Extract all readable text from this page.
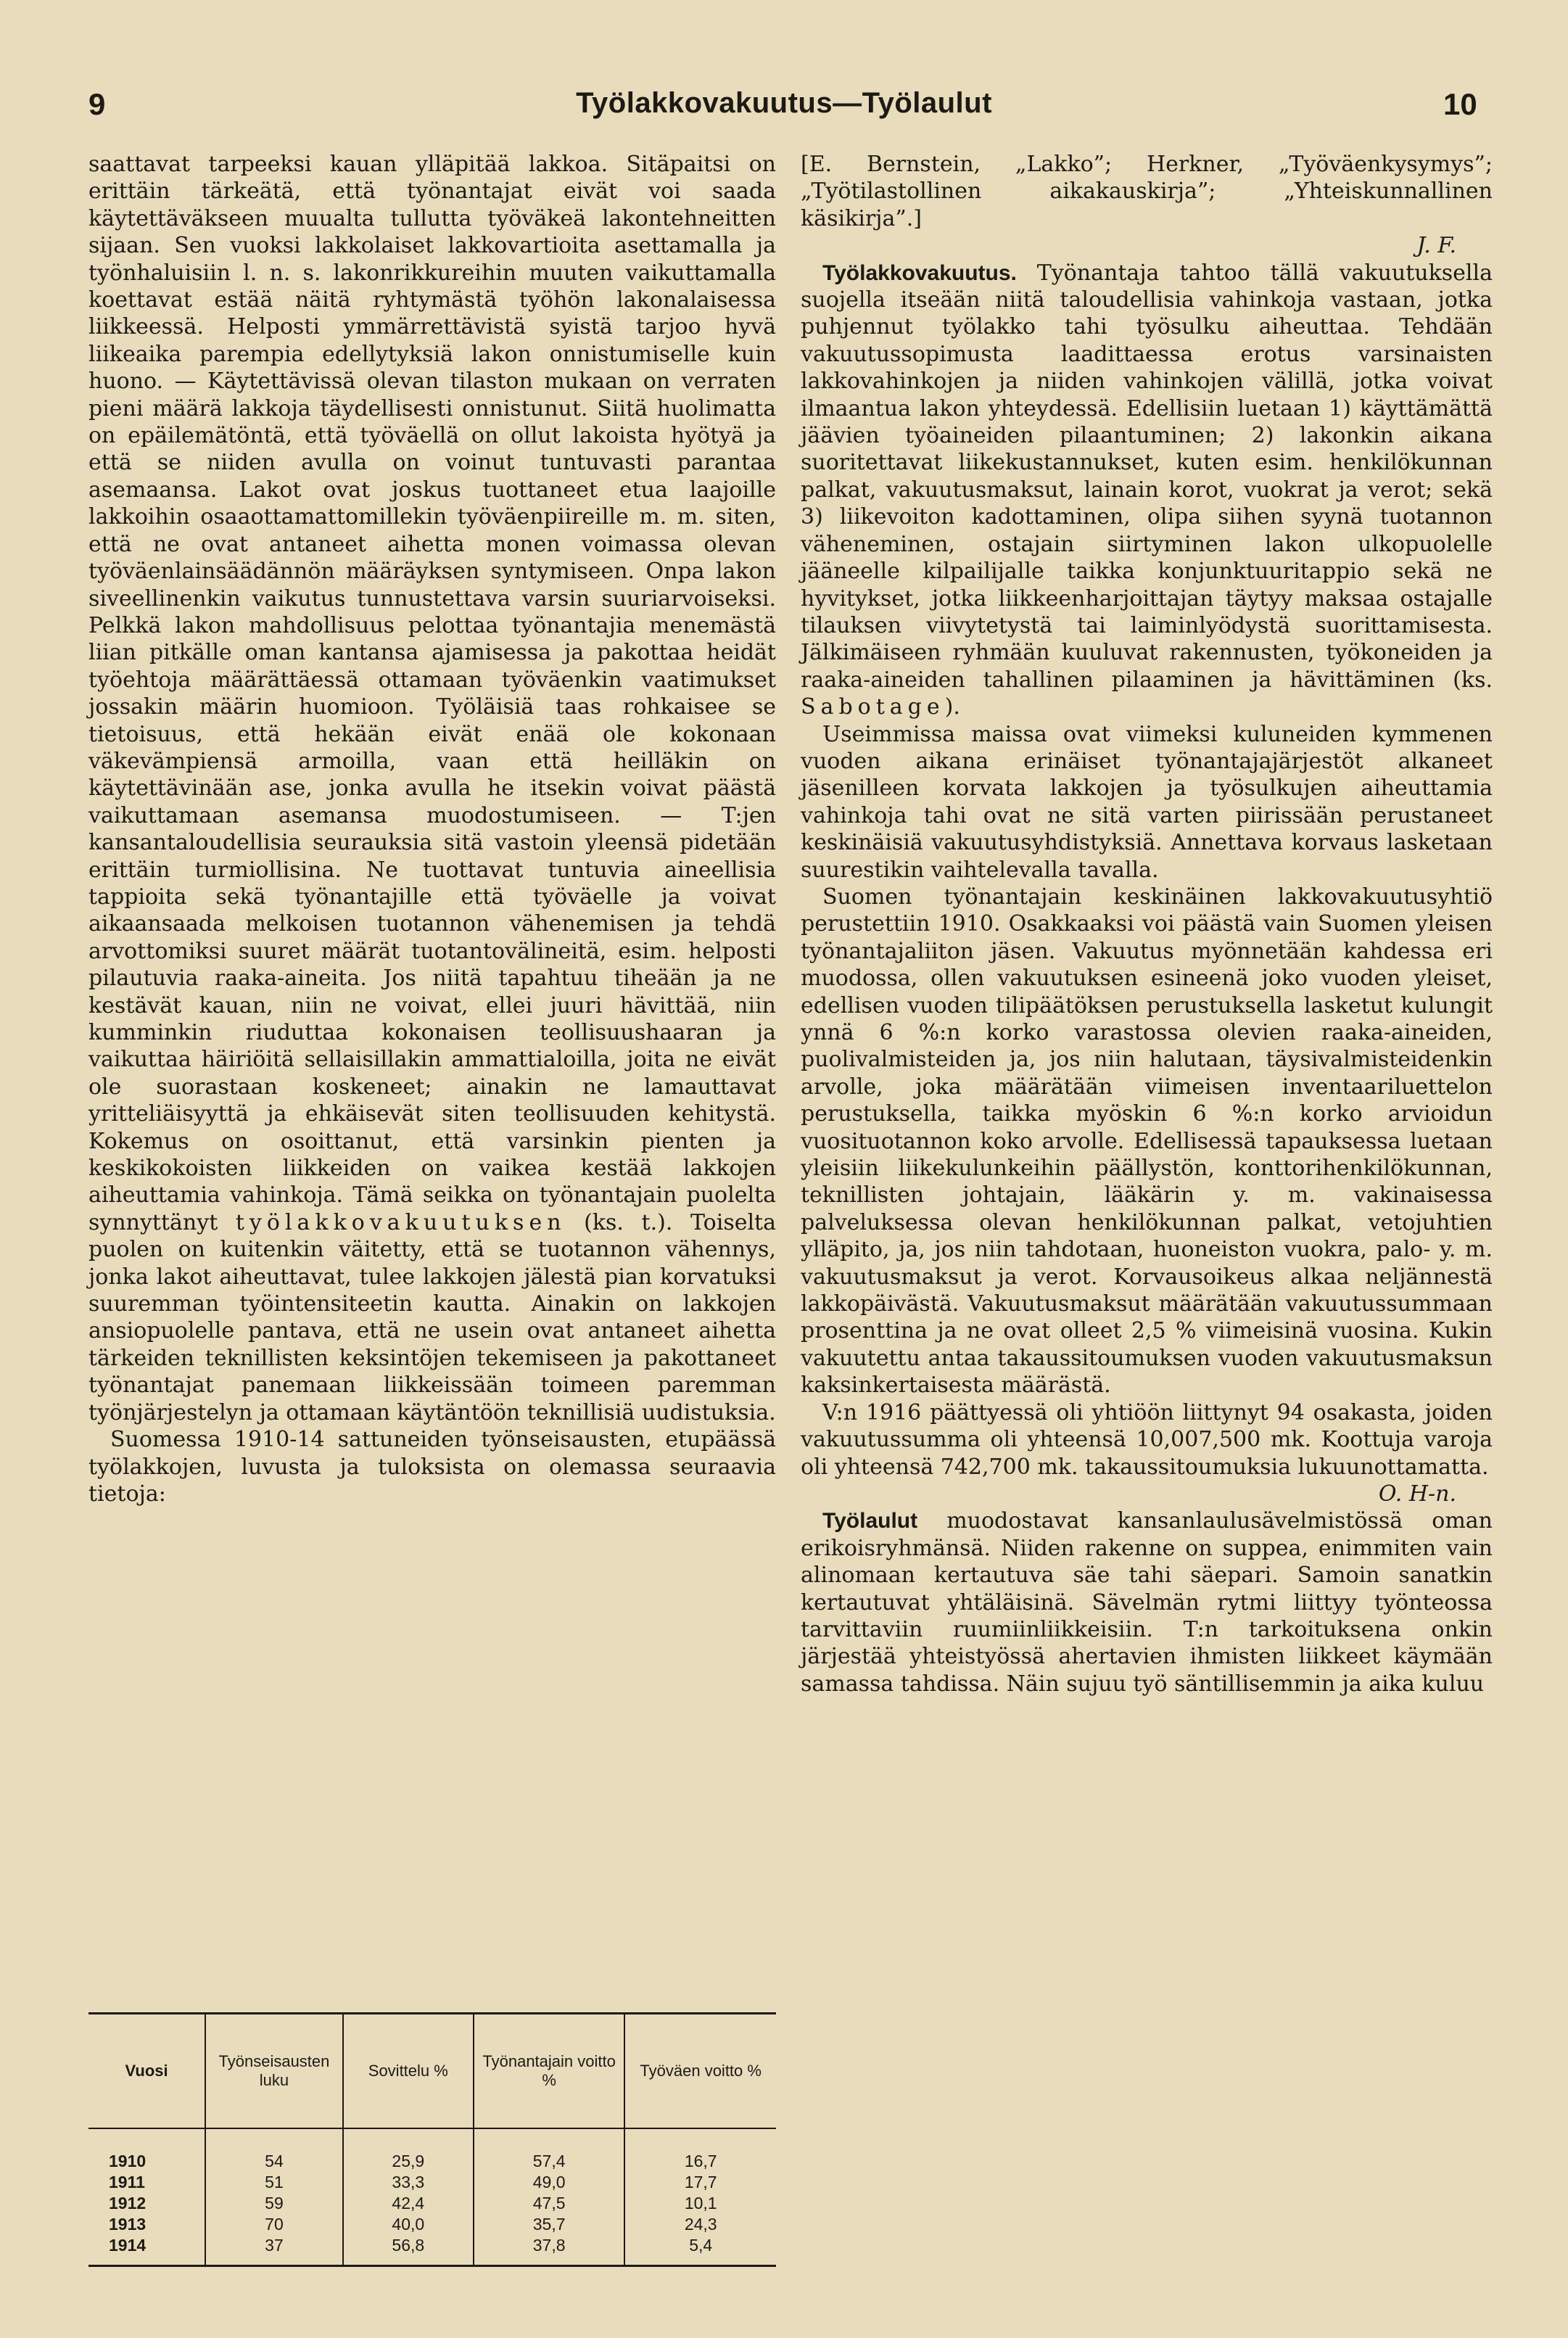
9	Työlakkovakuutus—Työlaulut	10

saattavat tarpeeksi kauan ylläpitää lakkoa. Sitäpaitsi on erittäin tärkeätä, että työnantajat eivät voi saada käytettäväkseen muualta tullutta työväkeä lakontehneitten sijaan. Sen vuoksi lakkolaiset lakkovartioita asettamalla ja työnhaluisiin l. n. s. lakonrikkureihin muuten vaikuttamalla koettavat estää näitä ryhtymästä työhön lakonalaisessa liikkeessä. Helposti ymmärrettävistä syistä tarjoo hyvä liikeaika parempia edellytyksiä lakon onnistumiselle kuin huono. — Käytettävissä olevan tilaston mukaan on verraten pieni määrä lakkoja täydellisesti onnistunut. Siitä huolimatta on epäilemätöntä, että työväellä on ollut lakoista hyötyä ja että se niiden avulla on voinut tuntuvasti parantaa asemaansa. Lakot ovat joskus tuottaneet etua laajoille lakkoihin osaaottamattomillekin työväenpiireille m. m. siten, että ne ovat antaneet aihetta monen voimassa olevan työväenlainsäädännön määräyksen syntymiseen. Onpa lakon siveellinenkin vaikutus tunnustettava varsin suuriarvoiseksi. Pelkkä lakon mahdollisuus pelottaa työnantajia menemästä liian pitkälle oman kantansa ajamisessa ja pakottaa heidät työehtoja määrättäessä ottamaan työväenkin vaatimukset jossakin määrin huomioon. Työläisiä taas rohkaisee se tietoisuus, että hekään eivät enää ole kokonaan väkevämpiensä armoilla, vaan että heilläkin on käytettävinään ase, jonka avulla he itsekin voivat päästä vaikuttamaan asemansa muodostumiseen. — T:jen kansantaloudellisia seurauksia sitä vastoin yleensä pidetään erittäin turmiollisina. Ne tuottavat tuntuvia aineellisia tappioita sekä työnantajille että työväelle ja voivat aikaansaada melkoisen tuotannon vähenemisen ja tehdä arvottomiksi suuret määrät tuotantovälineitä, esim. helposti pilautuvia raaka-aineita. Jos niitä tapahtuu tiheään ja ne kestävät kauan, niin ne voivat, ellei juuri hävittää, niin kumminkin riuduttaa kokonaisen teollisuushaaran ja vaikuttaa häiriöitä sellaisillakin ammattialoilla, joita ne eivät ole suorastaan koskeneet; ainakin ne lamauttavat yritteliäisyyttä ja ehkäisevät siten teollisuuden kehitystä. Kokemus on osoittanut, että varsinkin pienten ja keskikokoisten liikkeiden on vaikea kestää lakkojen aiheuttamia vahinkoja. Tämä seikka on työnantajain puolelta synnyttänyt työlakkovakuutuksen (ks. t.). Toiselta puolen on kuitenkin väitetty, että se tuotannon vähennys, jonka lakot aiheuttavat, tulee lakkojen jälestä pian korvatuksi suuremman työintensiteetin kautta. Ainakin on lakkojen ansiopuolelle pantava, että ne usein ovat antaneet aihetta tärkeiden teknillisten keksintöjen tekemiseen ja pakottaneet työnantajat panemaan liikkeissään toimeen paremman työnjärjestelyn ja ottamaan käytäntöön teknillisiä uudistuksia.

Suomessa 1910-14 sattuneiden työnseisausten, etupäässä työlakkojen, luvusta ja tuloksista on olemassa seuraavia tietoja:

Vuosi	Työnseisausten luku	Sovittelu %	Työnantajain voitto %	Työväen voitto %
1910	54	25,9	57,4	16,7
1911	51	33,3	49,0	17,7
1912	59	42,4	47,5	10,1
1913	70	40,0	35,7	24,3
1914	37	56,8	37,8	5,4

[E. Bernstein, „Lakko”; Herkner, „Työväenkysymys”; „Työtilastollinen aikakauskirja”; „Yhteiskunnallinen käsikirja”.]

J. F.

Työlakkovakuutus. Työnantaja tahtoo tällä vakuutuksella suojella itseään niitä taloudellisia vahinkoja vastaan, jotka puhjennut työlakko tahi työsulku aiheuttaa. Tehdään vakuutussopimusta laadittaessa erotus varsinaisten lakkovahinkojen ja niiden vahinkojen välillä, jotka voivat ilmaantua lakon yhteydessä. Edellisiin luetaan 1) käyttämättä jäävien työaineiden pilaantuminen; 2) lakonkin aikana suoritettavat liikekustannukset, kuten esim. henkilökunnan palkat, vakuutusmaksut, lainain korot, vuokrat ja verot; sekä 3) liikevoiton kadottaminen, olipa siihen syynä tuotannon väheneminen, ostajain siirtyminen lakon ulkopuolelle jääneelle kilpailijalle taikka konjunktuuritappio sekä ne hyvitykset, jotka liikkeenharjoittajan täytyy maksaa ostajalle tilauksen viivytetystä tai laiminlyödystä suorittamisesta. Jälkimäiseen ryhmään kuuluvat rakennusten, työkoneiden ja raaka-aineiden tahallinen pilaaminen ja hävittäminen (ks. Sabotage).

Useimmissa maissa ovat viimeksi kuluneiden kymmenen vuoden aikana erinäiset työnantajajärjestöt alkaneet jäsenilleen korvata lakkojen ja työsulkujen aiheuttamia vahinkoja tahi ovat ne sitä varten piirissään perustaneet keskinäisiä vakuutusyhdistyksiä. Annettava korvaus lasketaan suurestikin vaihtelevalla tavalla.

Suomen työnantajain keskinäinen lakkovakuutusyhtiö perustettiin 1910. Osakkaaksi voi päästä vain Suomen yleisen työnantajaliiton jäsen. Vakuutus myönnetään kahdessa eri muodossa, ollen vakuutuksen esineenä joko vuoden yleiset, edellisen vuoden tilipäätöksen perustuksella lasketut kulungit ynnä 6 %:n korko varastossa olevien raaka-aineiden, puolivalmisteiden ja, jos niin halutaan, täysivalmisteidenkin arvolle, joka määrätään viimeisen inventaariluettelon perustuksella, taikka myöskin 6 %:n korko arvioidun vuosituotannon koko arvolle. Edellisessä tapauksessa luetaan yleisiin liikekulunkeihin päällystön, konttorihenkilökunnan, teknillisten johtajain, lääkärin y. m. vakinaisessa palveluksessa olevan henkilökunnan palkat, vetojuhtien ylläpito, ja, jos niin tahdotaan, huoneiston vuokra, palo- y. m. vakuutusmaksut ja verot. Korvausoikeus alkaa neljännestä lakkopäivästä. Vakuutusmaksut määrätään vakuutussummaan prosenttina ja ne ovat olleet 2,5 % viimeisinä vuosina. Kukin vakuutettu antaa takaussitoumuksen vuoden vakuutusmaksun kaksinkertaisesta määrästä.

V:n 1916 päättyessä oli yhtiöön liittynyt 94 osakasta, joiden vakuutussumma oli yhteensä 10,007,500 mk. Koottuja varoja oli yhteensä 742,700 mk. takaussitoumuksia lukuunottamatta.

O. H-n.

Työlaulut muodostavat kansanlaulusävelmistössä oman erikoisryhmänsä. Niiden rakenne on suppea, enimmiten vain alinomaan kertautuva säe tahi säepari. Samoin sanatkin kertautuvat yhtäläisinä. Sävelmän rytmi liittyy työnteossa tarvittaviin ruumiinliikkeisiin. T:n tarkoituksena onkin järjestää yhteistyössä ahertavien ihmisten liikkeet käymään samassa tahdissa. Näin sujuu työ säntillisemmin ja aika kuluu
